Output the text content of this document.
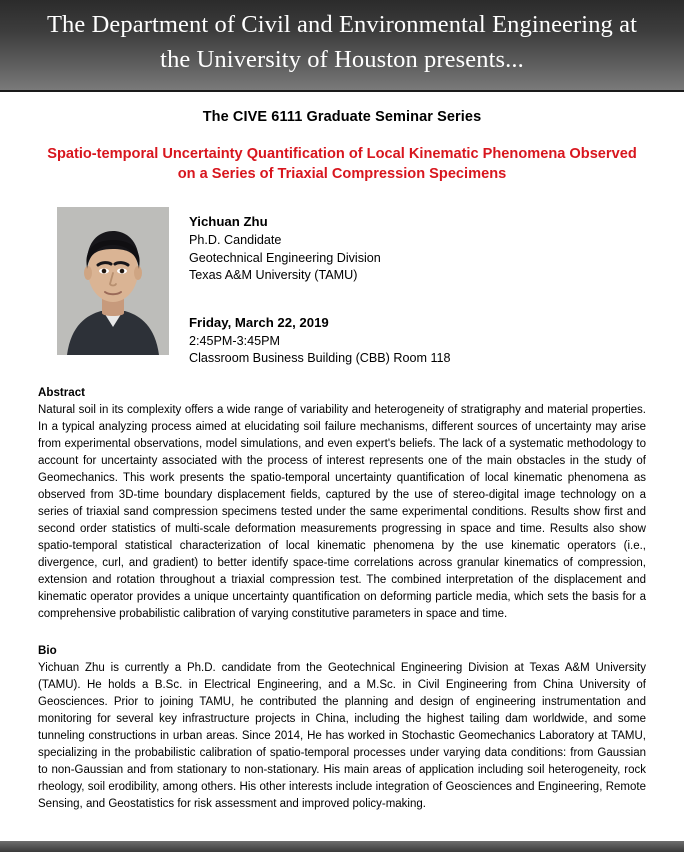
The Department of Civil and Environmental Engineering at
the University of Houston presents...
The CIVE 6111 Graduate Seminar Series
Spatio-temporal Uncertainty Quantification of Local Kinematic Phenomena Observed
on a Series of Triaxial Compression Specimens
Yichuan Zhu
Ph.D. Candidate
Geotechnical Engineering Division
Texas A&M University (TAMU)
Friday, March 22, 2019
2:45PM-3:45PM
Classroom Business Building (CBB) Room 118
Abstract
Natural soil in its complexity offers a wide range of variability and heterogeneity of stratigraphy and material properties. In a typical analyzing process aimed at elucidating soil failure mechanisms, different sources of uncertainty may arise from experimental observations, model simulations, and even expert's beliefs. The lack of a systematic methodology to account for uncertainty associated with the process of interest represents one of the main obstacles in the study of Geomechanics. This work presents the spatio-temporal uncertainty quantification of local kinematic phenomena as observed from 3D-time boundary displacement fields, captured by the use of stereo-digital image technology on a series of triaxial sand compression specimens tested under the same experimental conditions. Results show first and second order statistics of multi-scale deformation measurements progressing in space and time. Results also show spatio-temporal statistical characterization of local kinematic phenomena by the use kinematic operators (i.e., divergence, curl, and gradient) to better identify space-time correlations across granular kinematics of compression, extension and rotation throughout a triaxial compression test. The combined interpretation of the displacement and kinematic operator provides a unique uncertainty quantification on deforming particle media, which sets the basis for a comprehensive probabilistic calibration of varying constitutive parameters in space and time.
Bio
Yichuan Zhu is currently a Ph.D. candidate from the Geotechnical Engineering Division at Texas A&M University (TAMU). He holds a B.Sc. in Electrical Engineering, and a M.Sc. in Civil Engineering from China University of Geosciences. Prior to joining TAMU, he contributed the planning and design of engineering instrumentation and monitoring for several key infrastructure projects in China, including the highest tailing dam worldwide, and some tunneling constructions in urban areas. Since 2014, He has worked in Stochastic Geomechanics Laboratory at TAMU, specializing in the probabilistic calibration of spatio-temporal processes under varying data conditions: from Gaussian to non-Gaussian and from stationary to non-stationary. His main areas of application including soil heterogeneity, rock rheology, soil erodibility, among others. His other interests include integration of Geosciences and Engineering, Remote Sensing, and Geostatistics for risk assessment and improved policy-making.
